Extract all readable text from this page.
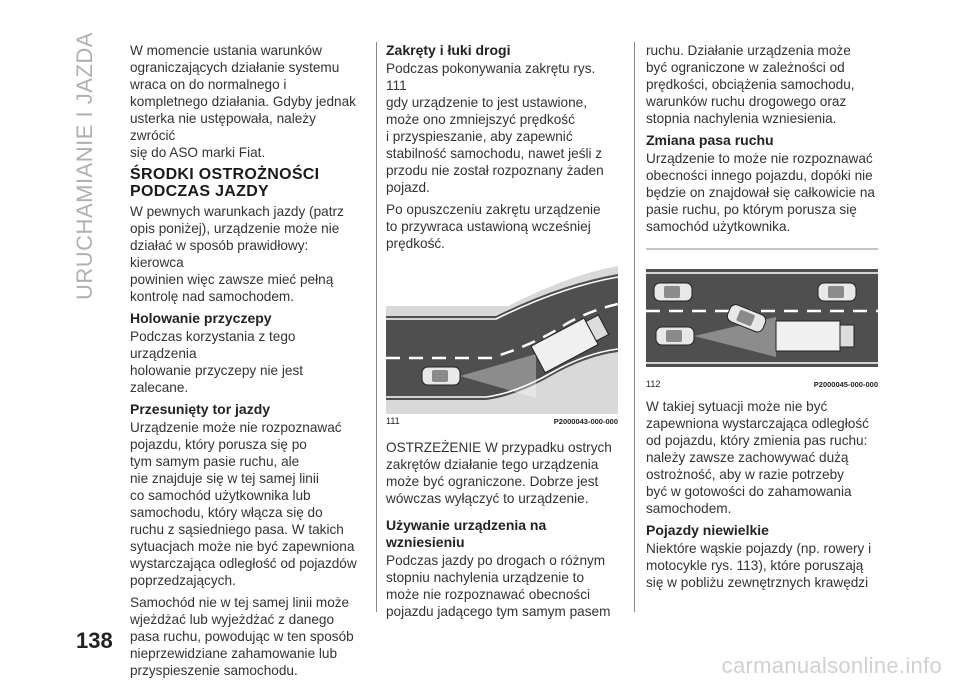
URUCHAMIANIE I JAZDA W momencie ustania warunków
ograniczających działanie systemu
wraca on do normalnego i
kompletnego działania. Gdyby jednak
usterka nie ustępowała, należy zwrócić
się do ASO marki Fiat.

ŚRODKI OSTROŻNOŚCI
PODCZAS JAZDY

W pewnych warunkach jazdy (patrz
opis poniżej), urządzenie może nie
działać w sposób prawidłowy: kierowca
powinien więc zawsze mieć pełną
kontrolę nad samochodem.

Holowanie przyczepy

Podczas korzystania z tego urządzenia
holowanie przyczepy nie jest zalecane.

Przesunięty tor jazdy

Urządzenie może nie rozpoznawać
pojazdu, który porusza się po
tym samym pasie ruchu, ale
nie znajduje się w tej samej linii
co samochód użytkownika lub
samochodu, który włącza się do
ruchu z sąsiedniego pasa. W takich
sytuacjach może nie być zapewniona
wystarczająca odległość od pojazdów
poprzedzających.

Samochód nie w tej samej linii może
wjeżdżać lub wyjeżdżać z danego
pasa ruchu, powodując w ten sposób
nieprzewidziane zahamowanie lub
przyspieszenie samochodu.

Zakręty i łuki drogi

Podczas pokonywania zakrętu rys. 111
gdy urządzenie to jest ustawione,
może ono zmniejszyć prędkość
i przyspieszanie, aby zapewnić
stabilność samochodu, nawet jeśli z
przodu nie został rozpoznany żaden
pojazd.

Po opuszczeniu zakrętu urządzenie
to przywraca ustawioną wcześniej
prędkość.

111	P2000043-000-000

OSTRZEŻENIE W przypadku ostrych
zakrętów działanie tego urządzenia
może być ograniczone. Dobrze jest
wówczas wyłączyć to urządzenie.

Używanie urządzenia na
wzniesieniu

Podczas jazdy po drogach o różnym
stopniu nachylenia urządzenie to
może nie rozpoznawać obecności
pojazdu jadącego tym samym pasem

ruchu. Działanie urządzenia może
być ograniczone w zależności od
prędkości, obciążenia samochodu,
warunków ruchu drogowego oraz
stopnia nachylenia wzniesienia.

Zmiana pasa ruchu

Urządzenie to może nie rozpoznawać
obecności innego pojazdu, dopóki nie
będzie on znajdował się całkowicie na
pasie ruchu, po którym porusza się
samochód użytkownika.

112	P2000045-000-000

W takiej sytuacji może nie być
zapewniona wystarczająca odległość
od pojazdu, który zmienia pas ruchu:
należy zawsze zachowywać dużą
ostrożność, aby w razie potrzeby
być w gotowości do zahamowania
samochodem.

Pojazdy niewielkie

Niektóre wąskie pojazdy (np. rowery i
motocykle rys. 113), które poruszają
się w pobliżu zewnętrznych krawędzi

138
carmanualsonline.info
